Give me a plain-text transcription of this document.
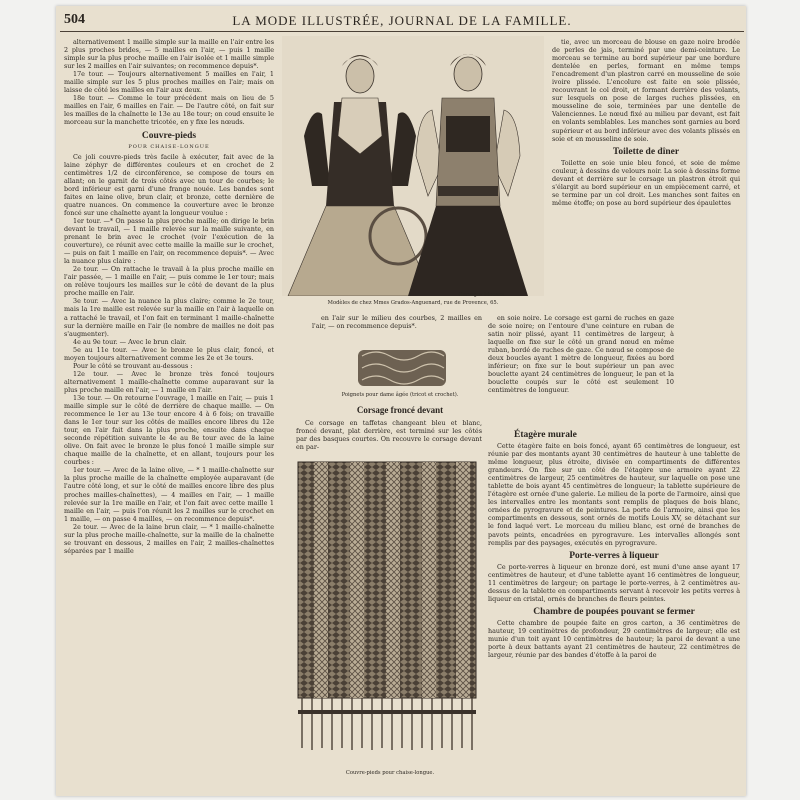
504	LA MODE ILLUSTRÉE, JOURNAL DE LA FAMILLE.

alternativement 1 maille simple sur la maille en l'air entre les 2 plus proches brides, — 5 mailles en l'air, — puis 1 maille simple sur la plus proche maille en l'air isolée et 1 maille simple sur les 2 mailles en l'air suivantes; on recommence depuis*.

17e tour. — Toujours alternativement 5 mailles en l'air, 1 maille simple sur les 5 plus proches mailles en l'air; mais on laisse de côté les mailles en l'air aux deux.

18e tour. — Comme le tour précédent mais on lieu de 5 mailles en l'air, 6 mailles en l'air. — De l'autre côté, on fait sur les mailles de la chaînette le 13e au 18e tour; on coud ensuite le morceau sur la manchette tricotée, en y fixe les nœuds.

Couvre-pieds
POUR CHAISE-LONGUE

Ce joli couvre-pieds très facile à exécuter, fait avec de la laine zéphyr de différentes couleurs et en crochet de 2 centimètres 1/2 de circonférence, se compose de tours en allant; on le garnit de trois côtés avec un tour de courbes; le bord inférieur est garni d'une frange nouée. Les bandes sont faites en laine olive, brun clair, et bronze, cette dernière de quatre nuances. On commence la couverture avec le bronze foncé sur une chaînette ayant la longueur voulue :

1er tour. —* On passe la plus proche maille; on dirige le brin devant le travail, — 1 maille relevée sur la maille suivante, en prenant le brin avec le crochet (voir l'exécution de la couverture), ce réunit avec cette maille la maille sur le crochet, — puis on fait 1 maille en l'air, on recommence depuis*. — Avec la nuance plus claire :

2e tour. — On rattache le travail à la plus proche maille en l'air passée, — 1 maille en l'air, — puis comme le 1er tour; mais on relève toujours les mailles sur le côté de devant de la plus proche maille en l'air.

3e tour. — Avec la nuance la plus claire; comme le 2e tour, mais la 1re maille est relevée sur la maille en l'air à laquelle on a rattaché le travail, et l'on fait en terminant 1 maille-chaînette sur la dernière maille en l'air (le nombre de mailles ne doit pas s'augmenter).

4e au 9e tour. — Avec le brun clair.

5e au 11e tour. — Avec le bronze le plus clair, foncé, et moyen toujours alternativement comme les 2e et 3e tours.

Pour le côté se trouvant au-dessous :

12e tour. — Avec le bronze très foncé toujours alternativement 1 maille-chaînette comme auparavant sur la plus proche maille en l'air, — 1 maille en l'air.

13e tour. — On retourne l'ouvrage, 1 maille en l'air, — puis 1 maille simple sur le côté de derrière de chaque maille. — On recommence le 1er au 13e tour encore 4 à 6 fois; on travaille dans le 1er tour sur les côtés de mailles encore libres du 12e tour, en l'air fait dans la plus proche, ensuite dans chaque seconde répétition suivante le 4e au 8e tour avec de la laine olive. On fait avec le bronze le plus foncé 1 maille simple sur chaque maille de la chaînette, et en allant, toujours pour les courbes :

1er tour. — Avec de la laine olive, — * 1 maille-chaînette sur la plus proche maille de la chaînette employée auparavant (de l'autre côté long, et sur le côté de mailles encore libre des plus proches mailles-chaînettes), — 4 mailles en l'air, — 1 maille relevée sur la 1re maille en l'air, et l'on fait avec cette maille 1 maille en l'air, — puis l'on réunit les 2 mailles sur le crochet en 1 maille, — on passe 4 mailles, — on recommence depuis*.

2e tour. — Avec de la laine brun clair, — * 1 maille-chaînette sur la plus proche maille-chaînette, sur la maille de la chaînette se trouvant en dessous, 2 mailles en l'air, 2 mailles-chaînettes séparées par 1 maille

Corsages blouses.
Modèles de chez Mmes Grados-Anguenard, rue de Provence, 65.

en l'air sur le milieu des courbes, 2 mailles en l'air, — on recommence depuis*.

Poignets pour dame âgée (tricot et crochet).
Corsage froncé devant

Ce corsage en taffetas changeant bleu et blanc, froncé devant, plat derrière, est terminé sur les côtés par des basques courtes. On recouvre le corsage devant en par-

en soie noire. Le corsage est garni de ruches en gaze de soie noire; on l'entoure d'une ceinture en ruban de satin noir plissé, ayant 11 centimètres de largeur, à laquelle on fixe sur le côté un grand nœud en même ruban, bordé de ruches de gaze. Ce nœud se compose de deux boucles ayant 1 mètre de longueur, fixées au bord inférieur; on fixe sur le bout supérieur un pan avec bouclette ayant 24 centimètres de longueur, le pan et la bouclette coupés sur le côté est seulement 10 centimètres de longueur.

Couvre-pieds pour chaise-longue.

tie, avec un morceau de blouse en gaze noire brodée de perles de jais, terminé par une demi-ceinture. Le morceau se termine au bord supérieur par une bordure dentelée en perles, formant en même temps l'encadrement d'un plastron carré en mousseline de soie ivoire plissée. L'encolure est faite en soie plissée, recouvrant le col droit, et formant derrière des volants, sur lesquels on pose de larges ruches plissées, en mousseline de soie, terminées par une dentelle de Valenciennes. Le nœud fixé au milieu par devant, est fait en volants semblables. Les manches sont garnies au bord supérieur et au bord inférieur avec des volants plissés en soie et en mousseline de soie.

Toilette de dîner

Toilette en soie unie bleu foncé, et soie de même couleur, à dessins de velours noir. La soie à dessins forme devant et derrière sur le corsage un plastron étroit qui s'élargit au bord supérieur en un empiècement carré, et se termine par un col droit. Les manches sont faites en même étoffe; on pose au bord supérieur des épaulettes

Étagère murale

Cette étagère faite en bois foncé, ayant 65 centimètres de longueur, est réunie par des montants ayant 30 centimètres de hauteur à une tablette de même longueur, plus étroite, divisée en compartiments de différentes grandeurs. On fixe sur un côté de l'étagère une armoire ayant 22 centimètres de largeur, 25 centimètres de hauteur, sur laquelle on pose une tablette de bois ayant 45 centimètres de longueur; la tablette supérieure de l'étagère est ornée d'une galerie. Le milieu de la porte de l'armoire, ainsi que les intervalles entre les montants sont remplis de plaques de bois blanc, ornées de pyrogravure et de peintures. La porte de l'armoire, ainsi que les compartiments en dessous, sont ornés de motifs Louis XV, se détachant sur le fond laqué vert. Le morceau du milieu blanc, est orné de branches de pavots peints, encadrées en pyrogravure. Les intervalles allongés sont remplis par des paysages, exécutés en pyrogravure.

Porte-verres à liqueur

Ce porte-verres à liqueur en bronze doré, est muni d'une anse ayant 17 centimètres de hauteur, et d'une tablette ayant 16 centimètres de longueur, 11 centimètres de largeur; on partage le porte-verres, à 2 centimètres au-dessus de la tablette en compartiments servant à recevoir les petits verres à liqueur en cristal, ornés de branches de fleurs peintes.

Chambre de poupées pouvant se fermer

Cette chambre de poupée faite en gros carton, a 36 centimètres de hauteur, 19 centimètres de profondeur, 29 centimètres de largeur; elle est munie d'un toit ayant 10 centimètres de hauteur; la paroi de devant a une porte à deux battants ayant 21 centimètres de hauteur, 22 centimètres de largeur, réunie par des bandes d'étoffe à la paroi de
